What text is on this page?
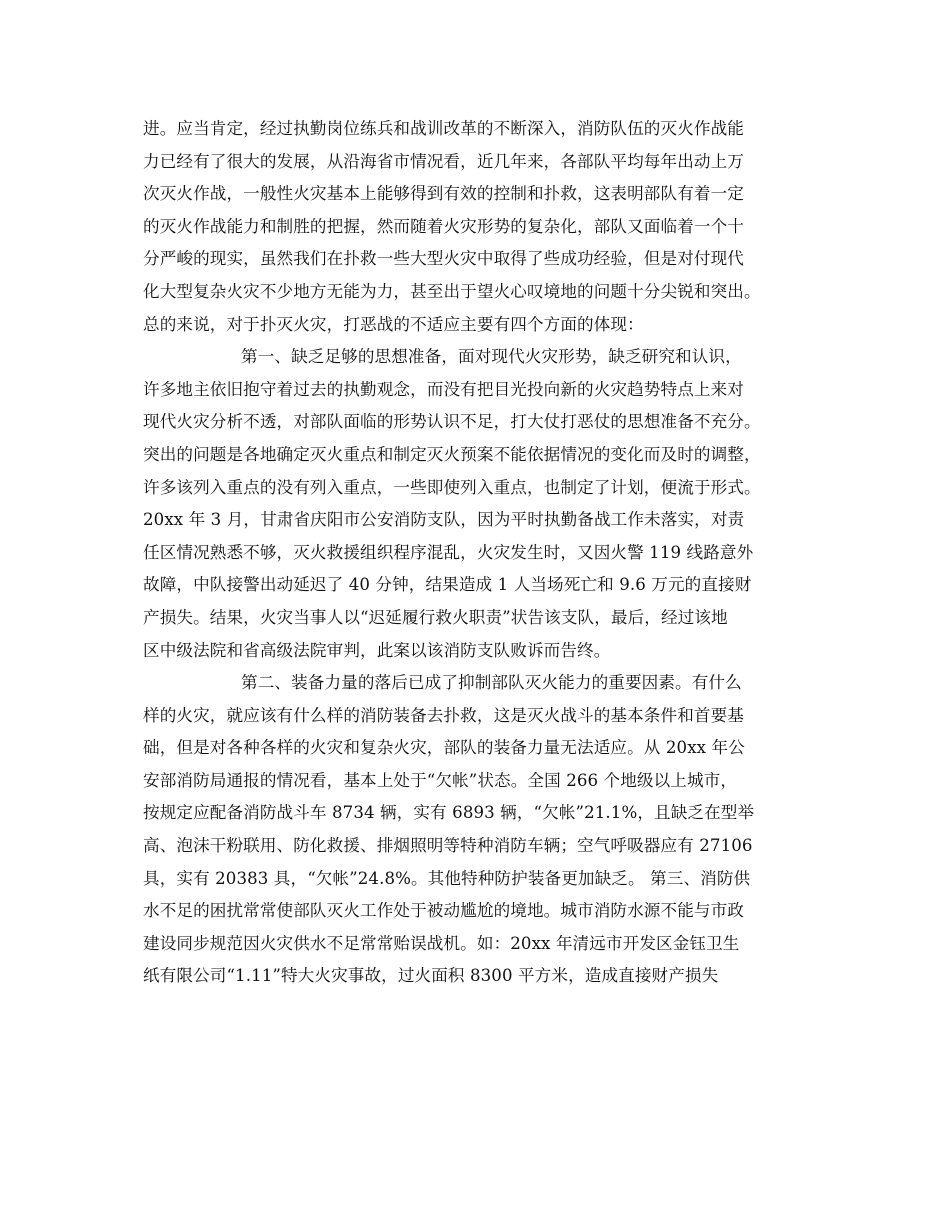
进。应当肯定，经过执勤岗位练兵和战训改革的不断深入，消防队伍的灭火作战能
力已经有了很大的发展，从沿海省市情况看，近几年来，各部队平均每年出动上万
次灭火作战，一般性火灾基本上能够得到有效的控制和扑救，这表明部队有着一定
的灭火作战能力和制胜的把握，然而随着火灾形势的复杂化，部队又面临着一个十
分严峻的现实，虽然我们在扑救一些大型火灾中取得了些成功经验，但是对付现代
化大型复杂火灾不少地方无能为力，甚至出于望火心叹境地的问题十分尖锐和突出。
总的来说，对于扑灭火灾，打恶战的不适应主要有四个方面的体现：
第一、缺乏足够的思想准备，面对现代火灾形势，缺乏研究和认识，
许多地主依旧抱守着过去的执勤观念，而没有把目光投向新的火灾趋势特点上来对
现代火灾分析不透，对部队面临的形势认识不足，打大仗打恶仗的思想准备不充分。
突出的问题是各地确定灭火重点和制定灭火预案不能依据情况的变化而及时的调整，
许多该列入重点的没有列入重点，一些即使列入重点，也制定了计划，便流于形式。
20xx 年 3 月，甘肃省庆阳市公安消防支队，因为平时执勤备战工作未落实，对责
任区情况熟悉不够，灭火救援组织程序混乱，火灾发生时，又因火警 119 线路意外
故障，中队接警出动延迟了 40 分钟，结果造成 1 人当场死亡和 9.6 万元的直接财
产损失。结果，火灾当事人以“迟延履行救火职责”状告该支队，最后，经过该地
区中级法院和省高级法院审判，此案以该消防支队败诉而告终。
第二、装备力量的落后已成了抑制部队灭火能力的重要因素。有什么
样的火灾，就应该有什么样的消防装备去扑救，这是灭火战斗的基本条件和首要基
础，但是对各种各样的火灾和复杂火灾，部队的装备力量无法适应。从 20xx 年公
安部消防局通报的情况看，基本上处于“欠帐”状态。全国 266 个地级以上城市，
按规定应配备消防战斗车 8734 辆，实有 6893 辆，“欠帐”21.1%，且缺乏在型举
高、泡沫干粉联用、防化救援、排烟照明等特种消防车辆；空气呼吸器应有 27106
具，实有 20383 具，“欠帐”24.8%。其他特种防护装备更加缺乏。 第三、消防供
水不足的困扰常常使部队灭火工作处于被动尴尬的境地。城市消防水源不能与市政
建设同步规范因火灾供水不足常常贻误战机。如：20xx 年清远市开发区金钰卫生
纸有限公司“1.11”特大火灾事故，过火面积 8300 平方米，造成直接财产损失
